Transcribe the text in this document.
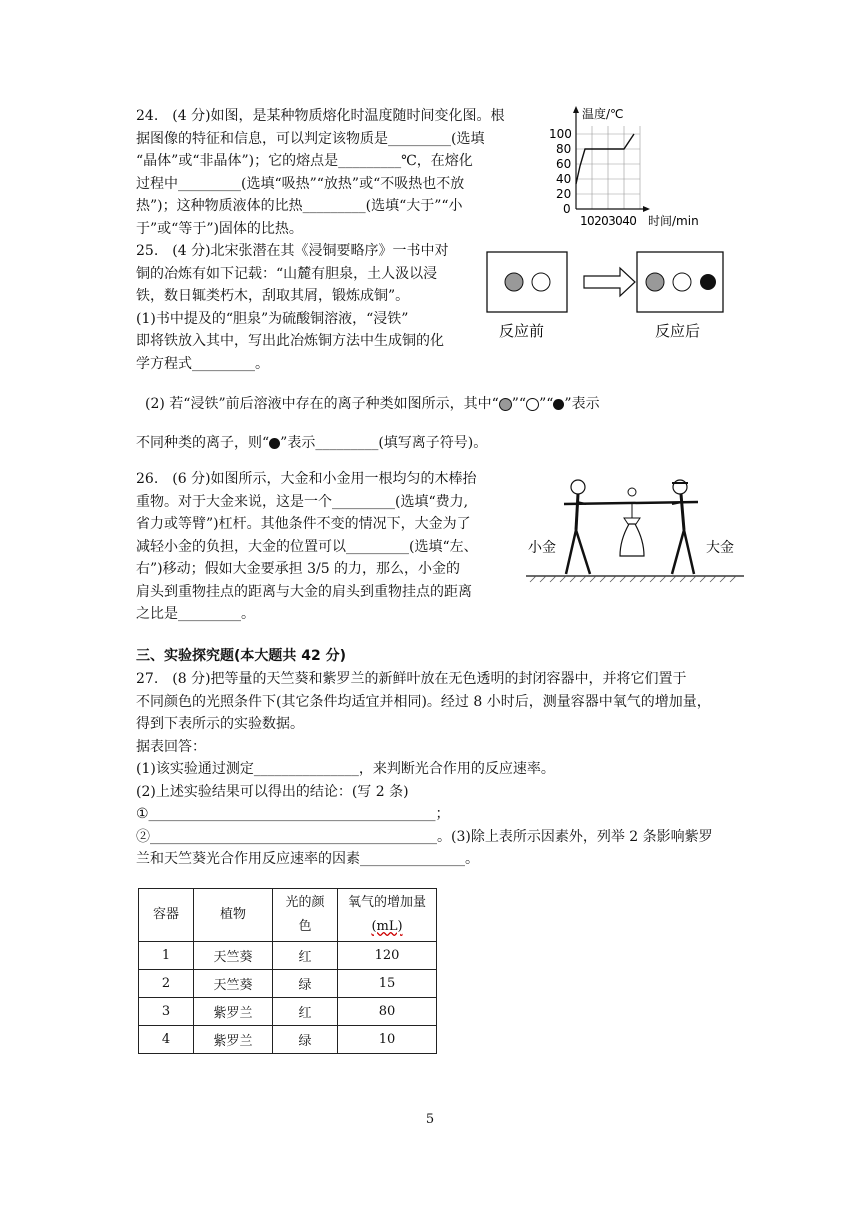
24.　(4 分)如图，是某种物质熔化时温度随时间变化图。根

据图像的特征和信息，可以判定该物质是_________(选填

“晶体”或“非晶体”)；它的熔点是_________℃，在熔化

过程中_________(选填“吸热”“放热”或“不吸热也不放

热”)；这种物质液体的比热_________(选填“大于”“小

于”或“等于”)固体的比热。

温度/℃
100
80
60
40
20
0
10203040 时间/min

25.　(4 分)北宋张潜在其《浸铜要略序》一书中对

铜的冶炼有如下记载：“山麓有胆泉，土人汲以浸

铁，数日辄类朽木，刮取其屑，锻炼成铜”。

(1)书中提及的“胆泉”为硫酸铜溶液，“浸铁”

即将铁放入其中，写出此冶炼铜方法中生成铜的化

学方程式_________。

反应前	反应后

(2) 若“浸铁”前后溶液中存在的离子种类如图所示，其中“ ”“ ”“ ”表示

不同种类的离子，则“ ”表示_________(填写离子符号)。

26.　(6 分)如图所示，大金和小金用一根均匀的木棒抬

重物。对于大金来说，这是一个_________(选填“费力,

省力或等臂”)杠杆。其他条件不变的情况下，大金为了

减轻小金的负担，大金的位置可以_________(选填“左、

右”)移动；假如大金要承担 3/5 的力，那么，小金的

肩头到重物挂点的距离与大金的肩头到重物挂点的距离

之比是_________。

小金	大金
三、实验探究题(本大题共 42 分)

27.　(8 分)把等量的天竺葵和紫罗兰的新鲜叶放在无色透明的封闭容器中，并将它们置于

不同颜色的光照条件下(其它条件均适宜并相同)。经过 8 小时后，测量容器中氧气的增加量，

得到下表所示的实验数据。

据表回答：

(1)该实验通过测定_______________，来判断光合作用的反应速率。

(2)上述实验结果可以得出的结论：(写 2 条)

①_________________________________________；

②_________________________________________。(3)除上表所示因素外，列举 2 条影响紫罗

兰和天竺葵光合作用反应速率的因素_______________。

容器	植物	光的颜色	氧气的增加量(mL)
1	天竺葵	红	120
2	天竺葵	绿	15
3	紫罗兰	红	80
4	紫罗兰	绿	10
5
